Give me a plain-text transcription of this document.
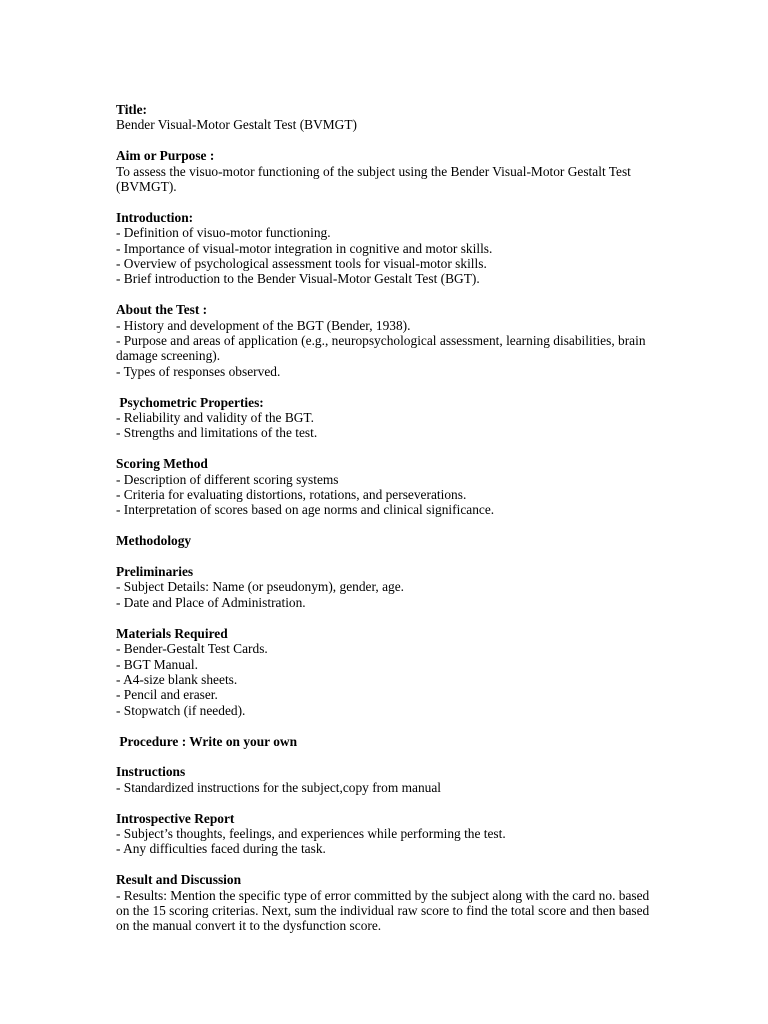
Title:

Bender Visual-Motor Gestalt Test (BVMGT)

Aim or Purpose :

To assess the visuo-motor functioning of the subject using the Bender Visual-Motor Gestalt Test (BVMGT).

Introduction:

- Definition of visuo-motor functioning.

- Importance of visual-motor integration in cognitive and motor skills.

- Overview of psychological assessment tools for visual-motor skills.

- Brief introduction to the Bender Visual-Motor Gestalt Test (BGT).

About the Test :

- History and development of the BGT (Bender, 1938).

- Purpose and areas of application (e.g., neuropsychological assessment, learning disabilities, brain damage screening).

- Types of responses observed.

Psychometric Properties:

- Reliability and validity of the BGT.

- Strengths and limitations of the test.

Scoring Method

- Description of different scoring systems

- Criteria for evaluating distortions, rotations, and perseverations.

- Interpretation of scores based on age norms and clinical significance.

Methodology

Preliminaries

- Subject Details: Name (or pseudonym), gender, age.

- Date and Place of Administration.

Materials Required

- Bender-Gestalt Test Cards.

- BGT Manual.

- A4-size blank sheets.

- Pencil and eraser.

- Stopwatch (if needed).

Procedure : Write on your own

Instructions

- Standardized instructions for the subject,copy from manual

Introspective Report

- Subject’s thoughts, feelings, and experiences while performing the test.

- Any difficulties faced during the task.

Result and Discussion

- Results: Mention the specific type of error committed by the subject along with the card no. based on the 15 scoring criterias. Next, sum the individual raw score to find the total score and then based on the manual convert it to the dysfunction score.
